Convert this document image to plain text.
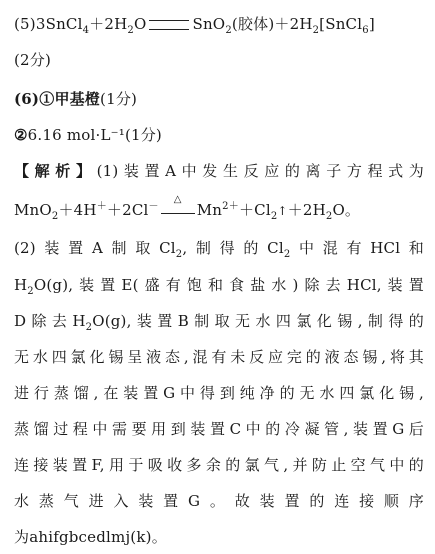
$(5)3SnCl_4+2H_2O$	SnO$_2$(胶体)$+2H_2[SnCl_6]$
(2分)
(6)①甲基橙(1分)
②6.16 mol·L⁻¹(1分)
【解析】(1)装置A中发生反应的离子方程式为
MnO$_2$＋4H＋＋2Cl－
△
$Mn^{2+}+Cl_2↑+2H_2O$。
(2)装置A制取$Cl_2$,制得的$Cl_2$中混有HCl和
$H_2O(g)$,装置E(盛有饱和食盐水)除去HCl,装置
D除去$H_2O(g)$,装置B制取无水四氯化锡,制得的
无水四氯化锡呈液态,混有未反应完的液态锡,将其
进行蒸馏,在装置G中得到纯净的无水四氯化锡,
蒸馏过程中需要用到装置C中的冷凝管,装置G后
连接装置F,用于吸收多余的氯气,并防止空气中的
水蒸气进入装置G。故装置的连接顺序
为ahifgbcedlmj(k)。
